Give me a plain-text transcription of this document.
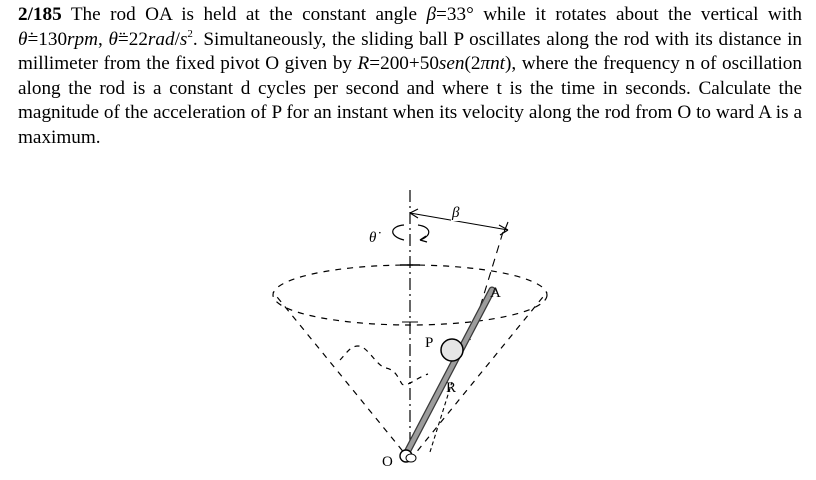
2/185 The rod OA is held at the constant angle β=33° while it rotates about the vertical with θ̇=130rpm, $\thetä=22rad/s^2$. Simultaneously, the sliding ball P oscillates along the rod with its distance in millimeter from the fixed pivot O given by R=200+50sen(2πnt), where the frequency n of oscillation along the rod is a constant d cycles per second and where t is the time in seconds. Calculate the magnitude of the acceleration of P for an instant when its velocity along the rod from O to ward A is a maximum.
θ̇
β
A
P
R
O
